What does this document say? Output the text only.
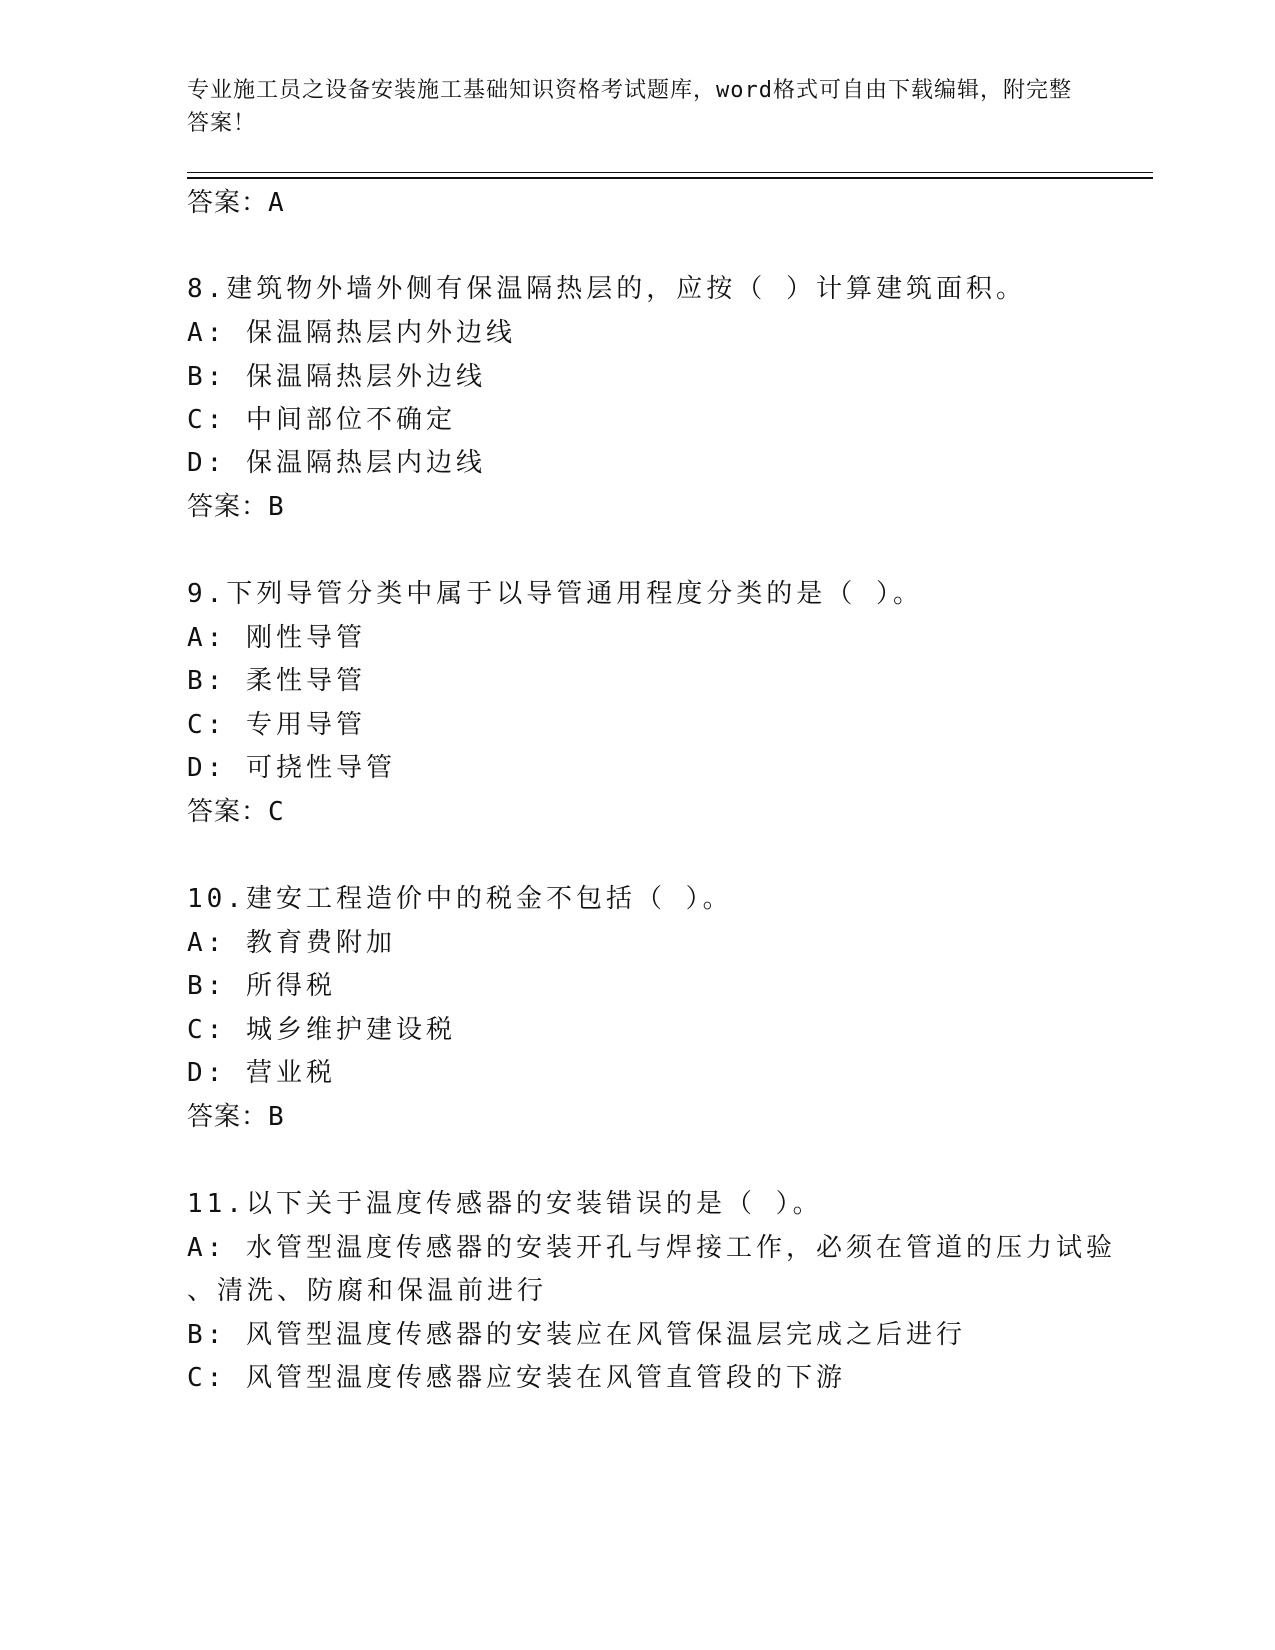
专业施工员之设备安装施工基础知识资格考试题库，word格式可自由下载编辑，附完整答案！
答案：A
8.建筑物外墙外侧有保温隔热层的，应按（ ）计算建筑面积。
A: 保温隔热层内外边线
B: 保温隔热层外边线
C: 中间部位不确定
D: 保温隔热层内边线
答案：B
9.下列导管分类中属于以导管通用程度分类的是（ ）。
A: 刚性导管
B: 柔性导管
C: 专用导管
D: 可挠性导管
答案：C
10.建安工程造价中的税金不包括（ ）。
A: 教育费附加
B: 所得税
C: 城乡维护建设税
D: 营业税
答案：B
11.以下关于温度传感器的安装错误的是（ ）。
A: 水管型温度传感器的安装开孔与焊接工作，必须在管道的压力试验
、清洗、防腐和保温前进行
B: 风管型温度传感器的安装应在风管保温层完成之后进行
C: 风管型温度传感器应安装在风管直管段的下游
